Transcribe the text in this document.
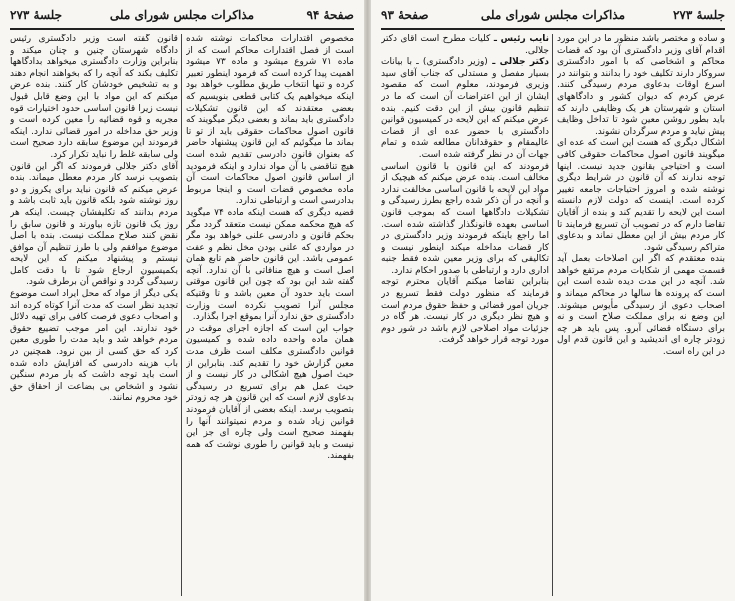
صفحهٔ ۹۴
مذاکرات مجلس شورای ملی
جلسهٔ ۲۷۳

مخصوص اقتدارات محاکمات نوشته شده است از فصل اقتدارات محاکم است که از ماده ۷۱ شروع میشود و ماده ۷۳ میشود اهمیت پیدا کرده است که فرمود اینطور تعبیر کرده و تنها انتخاب طریق مطلوب خواهد بود اینکه میخواهیم یک کتابی قطعی بنویسیم که بعضی معتقدند که این قانون تشکیلات دادگستری باید بماند و بعضی دیگر میگویند که قانون اصول محاکمات حقوقی باید از تو تا بماند ما میگوئیم که این قانون پیشنهاد حاضر که بعنوان قانون دادرسی تقدیم شده است هیچ تناقضی با آن مواد ندارد و اینکه فرمودید از اساس قانون اصول محاکمات است آن ماده مخصوص قضات است و اینجا مربوط بدادرسی است و ارتباطی ندارد.

قضیه دیگری که هست اینکه ماده ۷۴ میگوید که هیچ محکمه ممکن نیست متعقد گردد مگر بحکم قانون و دادرسی علنی خواهد بود مگر در مواردی که علنی بودن مخل نظم و عفت عمومی باشد. این قانون حاضر هم تابع همان اصل است و هیچ منافاتی با آن ندارد. آنچه گفته شد این بود که چون این قانون موقتی است باید حدود آن معین باشد و تا وقتیکه مجلس آنرا تصویب نکرده است وزارت دادگستری حق ندارد آنرا بموقع اجرا بگذارد.

جواب این است که اجازه اجرای موقت در همان ماده واحده داده شده و کمیسیون قوانین دادگستری مکلف است ظرف مدت معین گزارش خود را تقدیم کند. بنابراین از حیث اصول هیچ اشکالی در کار نیست و از حیث عمل هم برای تسریع در رسیدگی بدعاوی لازم است که این قانون هر چه زودتر بتصویب برسد. اینکه بعضی از آقایان فرمودند قوانین زیاد شده و مردم نمیتوانند آنها را بفهمند صحیح است ولی چاره ای جز این نیست و باید قوانین را طوری نوشت که همه بفهمند.

قانون گفته است وزیر دادگستری رئیس دادگاه شهرستان چنین و چنان میکند و بنابراین وزارت دادگستری میخواهد بدادگاهها تکلیف بکند که آنچه را که بخواهند انجام دهند و به تشخیص خودشان کار کنند. بنده عرض میکنم که این مواد با این وضع قابل قبول نیست زیرا قانون اساسی حدود اختیارات قوه مجریه و قوه قضائیه را معین کرده است و وزیر حق مداخله در امور قضائی ندارد. اینکه فرمودند این موضوع سابقه دارد صحیح است ولی سابقه غلط را نباید تکرار کرد.

آقای دکتر جلالی فرمودند که اگر این قانون بتصویب نرسد کار مردم معطل میماند. بنده عرض میکنم که قانون نباید برای یکروز و دو روز نوشته شود بلکه قانون باید ثابت باشد و مردم بدانند که تکلیفشان چیست. اینکه هر روز یک قانون تازه بیاورند و قانون سابق را نقض کنند صلاح مملکت نیست. بنده با اصل موضوع موافقم ولی با طرز تنظیم آن موافق نیستم و پیشنهاد میکنم که این لایحه بکمیسیون ارجاع شود تا با دقت کامل رسیدگی گردد و نواقص آن برطرف شود.

یکی دیگر از مواد که محل ایراد است موضوع تجدید نظر است که مدت آنرا کوتاه کرده اند و اصحاب دعوی فرصت کافی برای تهیه دلائل خود ندارند. این امر موجب تضییع حقوق مردم خواهد شد و باید مدت را طوری معین کرد که حق کسی از بین نرود. همچنین در باب هزینه دادرسی که افزایش داده شده است باید توجه داشت که بار مردم سنگین نشود و اشخاص بی بضاعت از احقاق حق خود محروم نمانند.

صفحهٔ ۹۳	مذاکرات مجلس شورای ملی	جلسهٔ ۲۷۳

و ساده و مختصر باشد منظور ما در این مورد اقدام آقای وزیر دادگستری آن بود که قضات محاکم و اشخاصی که با امور دادگستری سروکار دارند تکلیف خود را بدانند و بتوانند در اسرع اوقات بدعاوی مردم رسیدگی کنند. عرض کردم که دیوان کشور و دادگاههای استان و شهرستان هر یک وظایفی دارند که باید بطور روشن معین شود تا تداخل وظایف پیش نیاید و مردم سرگردان نشوند.

اشکال دیگری که هست این است که عده ای میگویند قانون اصول محاکمات حقوقی کافی است و احتیاجی بقانون جدید نیست. اینها توجه ندارند که آن قانون در شرایط دیگری نوشته شده و امروز احتیاجات جامعه تغییر کرده است. اینست که دولت لازم دانسته است این لایحه را تقدیم کند و بنده از آقایان تقاضا دارم که در تصویب آن تسریع فرمایند تا کار مردم بیش از این معطل نماند و بدعاوی متراکم رسیدگی شود.

بنده معتقدم که اگر این اصلاحات بعمل آید قسمت مهمی از شکایات مردم مرتفع خواهد شد. آنچه در این مدت دیده شده است این است که پرونده ها سالها در محاکم میماند و اصحاب دعوی از رسیدگی مأیوس میشوند. این وضع نه برای مملکت صلاح است و نه برای دستگاه قضائی آبرو. پس باید هر چه زودتر چاره ای اندیشید و این قانون قدم اول در این راه است.

نایب رئیس ـ کلیات مطرح است آقای دکتر جلالی.

دکتر جلالی ـ (وزیر دادگستری) ـ با بیانات بسیار مفصل و مستدلی که جناب آقای سید وزیری فرمودند، معلوم است که مقصود ایشان از این اعتراضات آن است که ما در تنظیم قانون بیش از این دقت کنیم. بنده عرض میکنم که این لایحه در کمیسیون قوانین دادگستری با حضور عده ای از قضات عالیمقام و حقوقدانان مطالعه شده و تمام جهات آن در نظر گرفته شده است.

فرمودند که این قانون با قانون اساسی مخالف است. بنده عرض میکنم که هیچیک از مواد این لایحه با قانون اساسی مخالفت ندارد و آنچه در آن ذکر شده راجع بطرز رسیدگی و تشکیلات دادگاهها است که بموجب قانون اساسی بعهده قانونگذار گذاشته شده است. اما راجع باینکه فرمودند وزیر دادگستری در کار قضات مداخله میکند اینطور نیست و تکالیفی که برای وزیر معین شده فقط جنبه اداری دارد و ارتباطی با صدور احکام ندارد.

بنابراین تقاضا میکنم آقایان محترم توجه فرمایند که منظور دولت فقط تسریع در جریان امور قضائی و حفظ حقوق مردم است و هیچ نظر دیگری در کار نیست. هر گاه در جزئیات مواد اصلاحی لازم باشد در شور دوم مورد توجه قرار خواهد گرفت.
